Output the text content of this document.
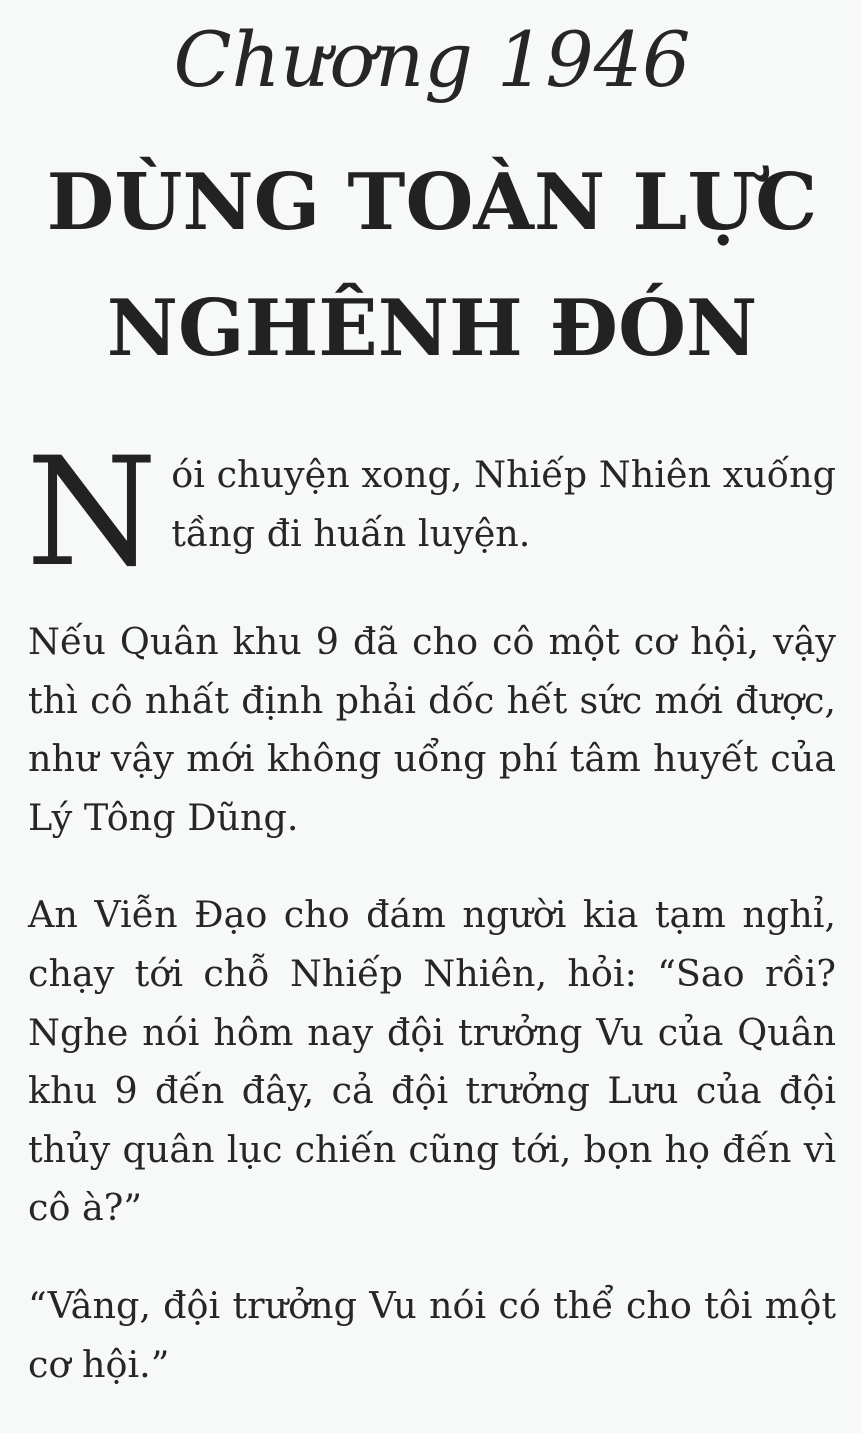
Chương 1946
DÙNG TOÀN LỰC
NGHÊNH ĐÓN

Nói chuyện xong, Nhiếp Nhiên xuống tầng đi huấn luyện.

Nếu Quân khu 9 đã cho cô một cơ hội, vậy thì cô nhất định phải dốc hết sức mới được, như vậy mới không uổng phí tâm huyết của Lý Tông Dũng.

An Viễn Đạo cho đám người kia tạm nghỉ, chạy tới chỗ Nhiếp Nhiên, hỏi: “Sao rồi? Nghe nói hôm nay đội trưởng Vu của Quân khu 9 đến đây, cả đội trưởng Lưu của đội thủy quân lục chiến cũng tới, bọn họ đến vì cô à?”

“Vâng, đội trưởng Vu nói có thể cho tôi một cơ hội.”
